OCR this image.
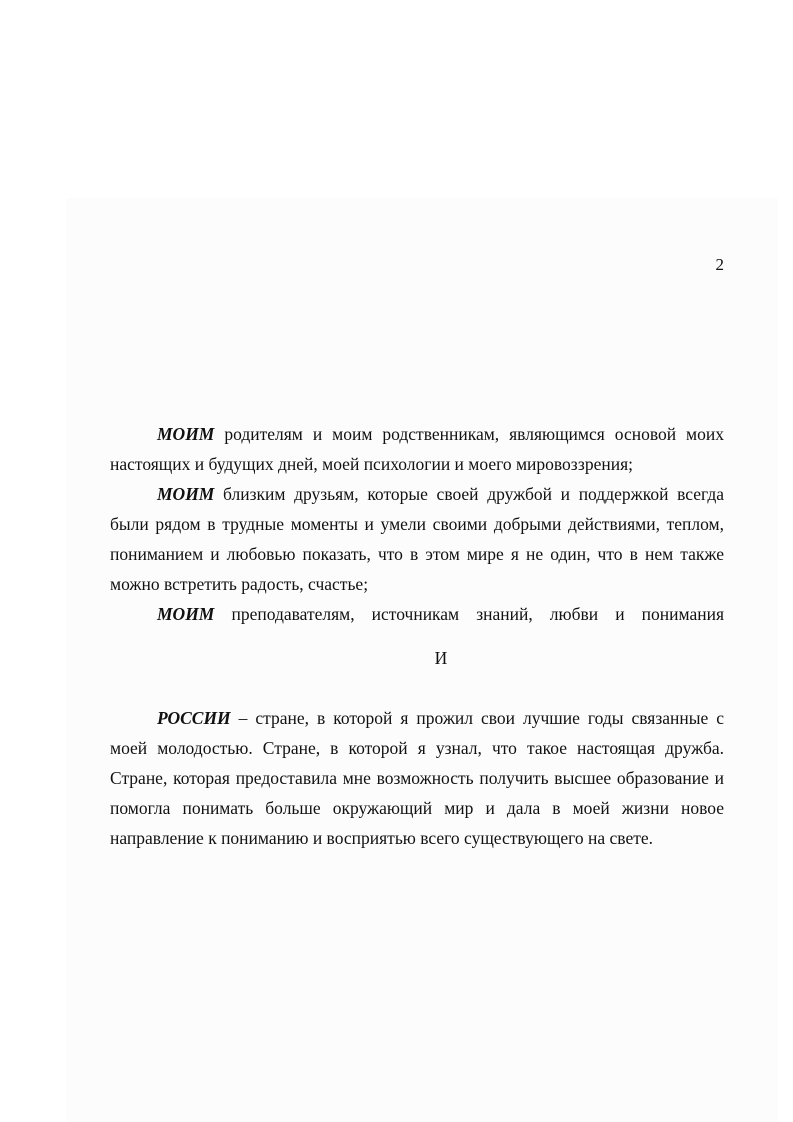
2

МОИМ родителям и моим родственникам, являющимся основой моих настоящих и будущих дней, моей психологии и моего мировоззрения;

МОИМ близким друзьям, которые своей дружбой и поддержкой всегда были рядом в трудные моменты и умели своими добрыми действиями, теплом, пониманием и любовью показать, что в этом мире я не один, что в нем также можно встретить радость, счастье;

МОИМ преподавателям, источникам знаний, любви и понимания

И

РОССИИ – стране, в которой я прожил свои лучшие годы связанные с моей молодостью. Стране, в которой я узнал, что такое настоящая дружба. Стране, которая предоставила мне возможность получить высшее образование и помогла понимать больше окружающий мир и дала в моей жизни новое направление к пониманию и восприятью всего существующего на свете.
